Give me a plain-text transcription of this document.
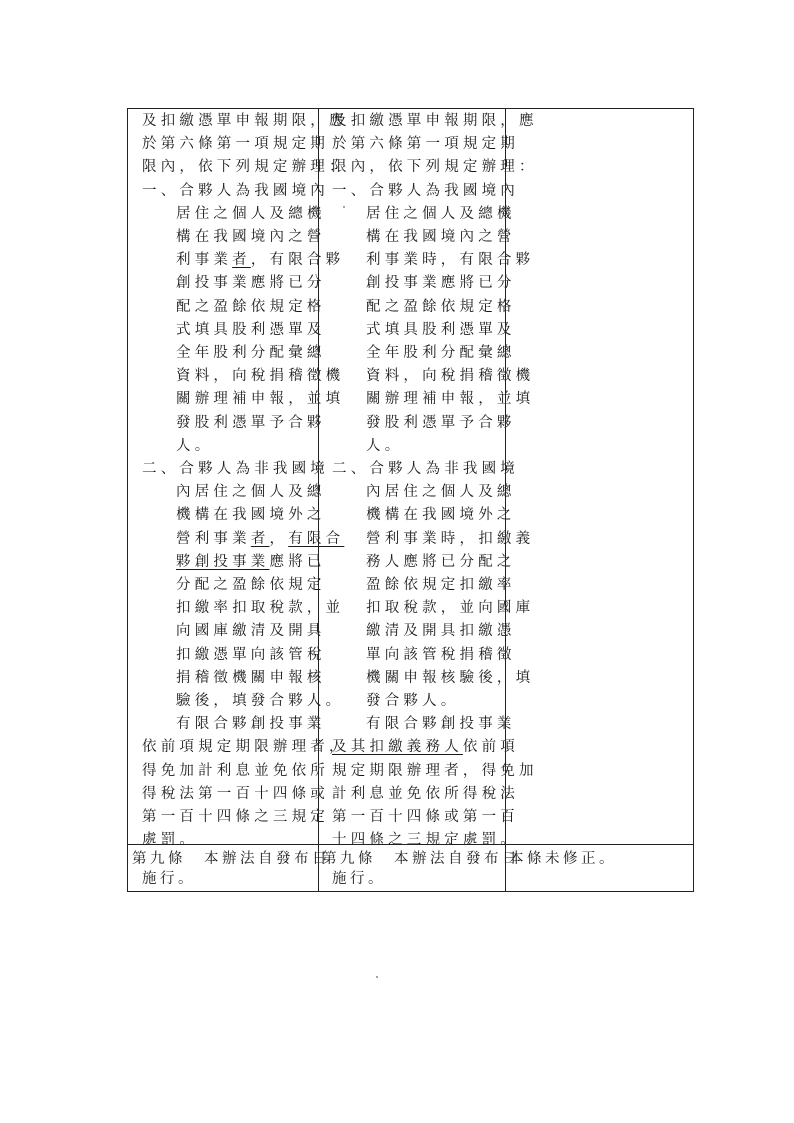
及扣繳憑單申報期限，應
於第六條第一項規定期
限內，依下列規定辦理：
一、合夥人為我國境內
居住之個人及總機
構在我國境內之營
利事業者，有限合夥
創投事業應將已分
配之盈餘依規定格
式填具股利憑單及
全年股利分配彙總
資料，向稅捐稽徵機
關辦理補申報，並填
發股利憑單予合夥
人。
二、合夥人為非我國境
內居住之個人及總
機構在我國境外之
營利事業者，有限合
夥創投事業應將已
分配之盈餘依規定
扣繳率扣取稅款，並
向國庫繳清及開具
扣繳憑單向該管稅
捐稽徵機關申報核
驗後，填發合夥人。
有限合夥創投事業
依前項規定期限辦理者，
得免加計利息並免依所
得稅法第一百十四條或
第一百十四條之三規定
處罰。
及扣繳憑單申報期限，應
於第六條第一項規定期
限內，依下列規定辦理：
一、合夥人為我國境內
居住之個人及總機
構在我國境內之營
利事業時，有限合夥
創投事業應將已分
配之盈餘依規定格
式填具股利憑單及
全年股利分配彙總
資料，向稅捐稽徵機
關辦理補申報，並填
發股利憑單予合夥
人。
二、合夥人為非我國境
內居住之個人及總
機構在我國境外之
營利事業時，扣繳義
務人應將已分配之
盈餘依規定扣繳率
扣取稅款，並向國庫
繳清及開具扣繳憑
單向該管稅捐稽徵
機關申報核驗後，填
發合夥人。
有限合夥創投事業
及其扣繳義務人依前項
規定期限辦理者，得免加
計利息並免依所得稅法
第一百十四條或第一百
十四條之三規定處罰。
第九條　本辦法自發布日
施行。
第九條　本辦法自發布日
施行。
本條未修正。
